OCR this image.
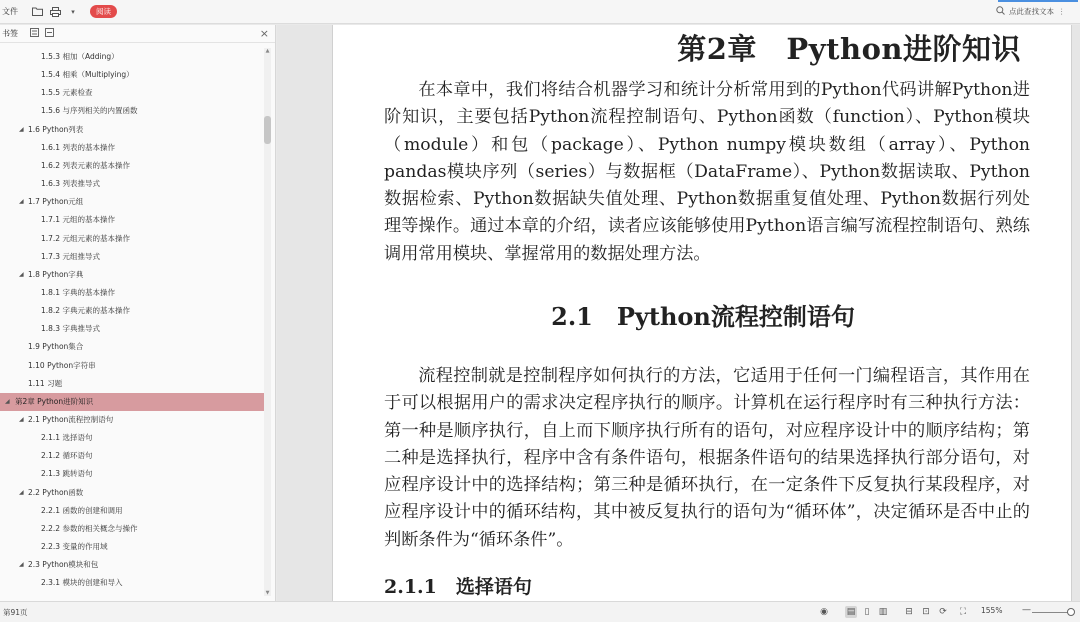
文件	▾	阅读	点此查找文本 ⋮
书签	×
1.5.3 相加（Adding）
1.5.4 相乘（Multiplying）
1.5.5 元素检查
1.5.6 与序列相关的内置函数
◢ 1.6 Python列表
1.6.1 列表的基本操作
1.6.2 列表元素的基本操作
1.6.3 列表推导式
◢ 1.7 Python元组
1.7.1 元组的基本操作
1.7.2 元组元素的基本操作
1.7.3 元组推导式
◢ 1.8 Python字典
1.8.1 字典的基本操作
1.8.2 字典元素的基本操作
1.8.3 字典推导式
1.9 Python集合
1.10 Python字符串
1.11 习题
◢ 第2章 Python进阶知识
◢ 2.1 Python流程控制语句
2.1.1 选择语句
2.1.2 循环语句
2.1.3 跳转语句
◢ 2.2 Python函数
2.2.1 函数的创建和调用
2.2.2 参数的相关概念与操作
2.2.3 变量的作用域
◢ 2.3 Python模块和包
2.3.1 模块的创建和导入
▲
▼
第2章　Python进阶知识
在本章中，我们将结合机器学习和统计分析常用到的Python代码讲解Python进阶知识，主要包括Python流程控制语句、Python函数（function）、Python模块（module）和包（package）、Python numpy模块数组（array）、Python pandas模块序列（series）与数据框（DataFrame）、Python数据读取、Python数据检索、Python数据缺失值处理、Python数据重复值处理、Python数据行列处理等操作。通过本章的介绍，读者应该能够使用Python语言编写流程控制语句、熟练调用常用模块、掌握常用的数据处理方法。
2.1　Python流程控制语句
流程控制就是控制程序如何执行的方法，它适用于任何一门编程语言，其作用在于可以根据用户的需求决定程序执行的顺序。计算机在运行程序时有三种执行方法：第一种是顺序执行，自上而下顺序执行所有的语句，对应程序设计中的顺序结构；第二种是选择执行，程序中含有条件语句，根据条件语句的结果选择执行部分语句，对应程序设计中的选择结构；第三种是循环执行，在一定条件下反复执行某段程序，对应程序设计中的循环结构，其中被反复执行的语句为“循环体”，决定循环是否中止的判断条件为“循环条件”。
2.1.1　选择语句
第91页	◉ ▤	▯	▥ ⊟ ⊡ ⟳	⛶	155% —
